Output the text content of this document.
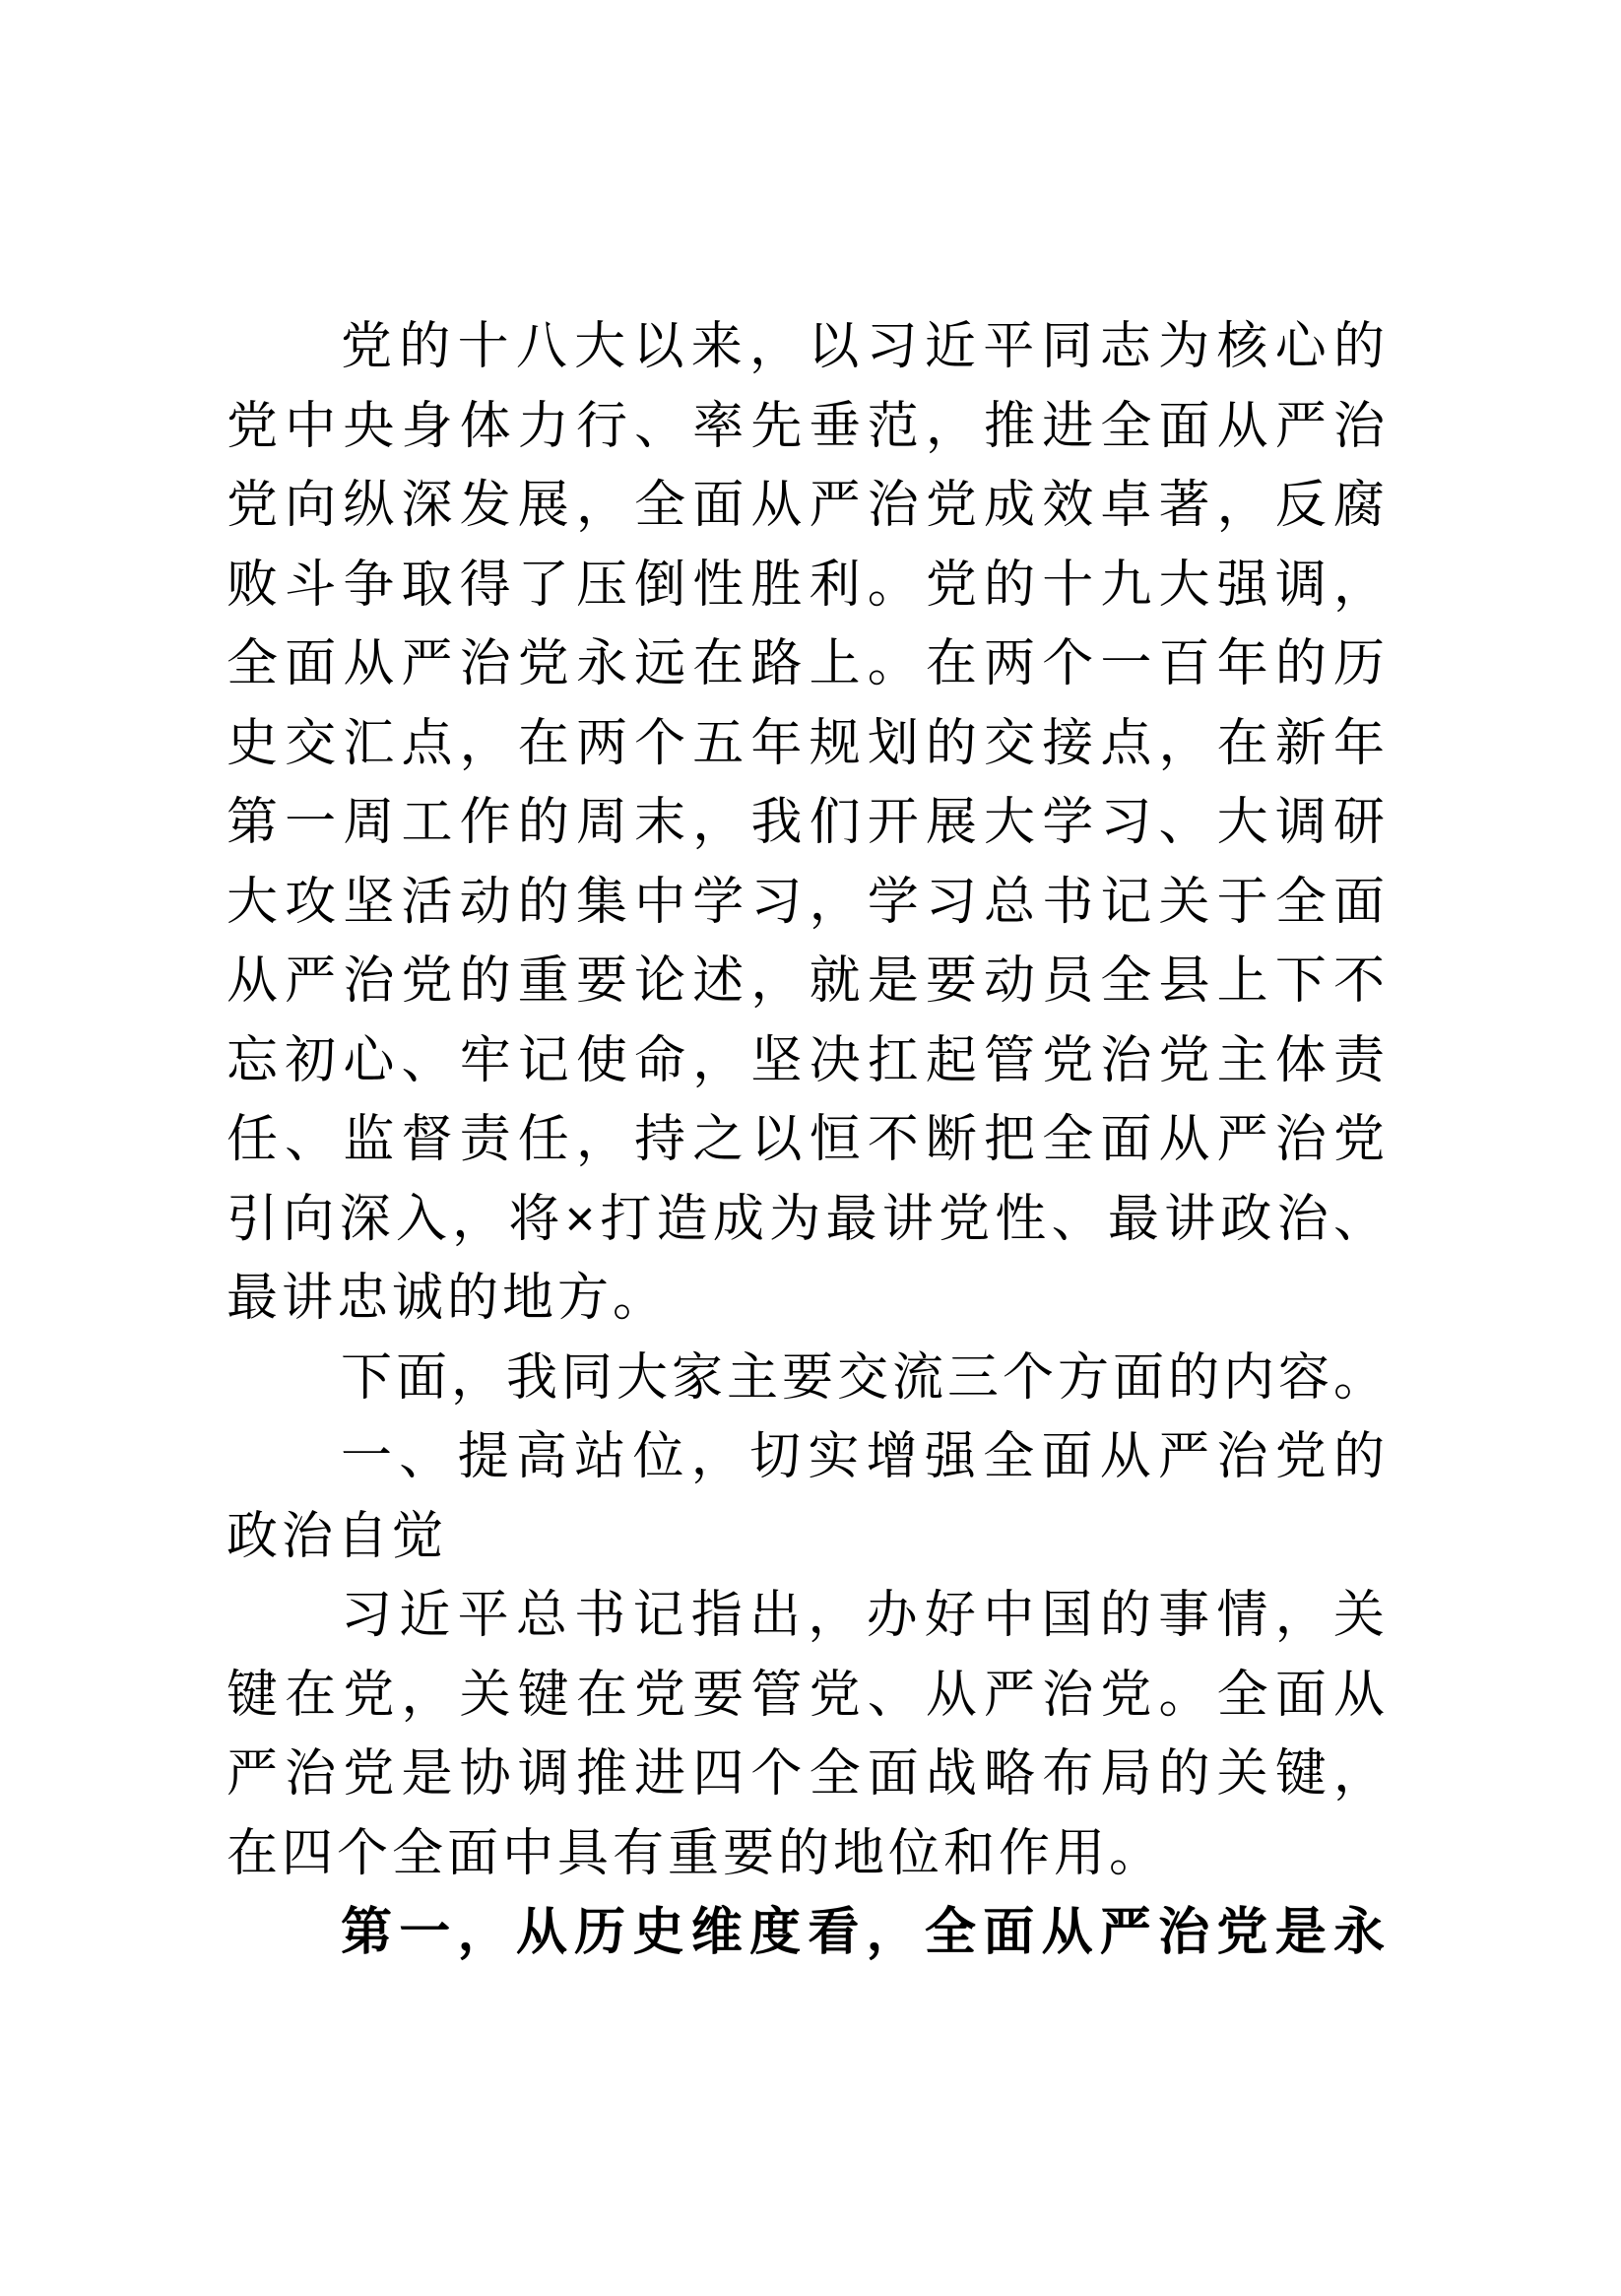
党的十八大以来，以习近平同志为核心的
党中央身体力行、率先垂范，推进全面从严治
党向纵深发展，全面从严治党成效卓著，反腐
败斗争取得了压倒性胜利。党的十九大强调，
全面从严治党永远在路上。在两个一百年的历
史交汇点，在两个五年规划的交接点，在新年
第一周工作的周末，我们开展大学习、大调研
大攻坚活动的集中学习，学习总书记关于全面
从严治党的重要论述，就是要动员全县上下不
忘初心、牢记使命，坚决扛起管党治党主体责
任、监督责任，持之以恒不断把全面从严治党
引向深入，将×打造成为最讲党性、最讲政治、
最讲忠诚的地方。
下面，我同大家主要交流三个方面的内容。
一、提高站位，切实增强全面从严治党的
政治自觉
习近平总书记指出，办好中国的事情，关
键在党，关键在党要管党、从严治党。全面从
严治党是协调推进四个全面战略布局的关键，
在四个全面中具有重要的地位和作用。
第一，从历史维度看，全面从严治党是永
